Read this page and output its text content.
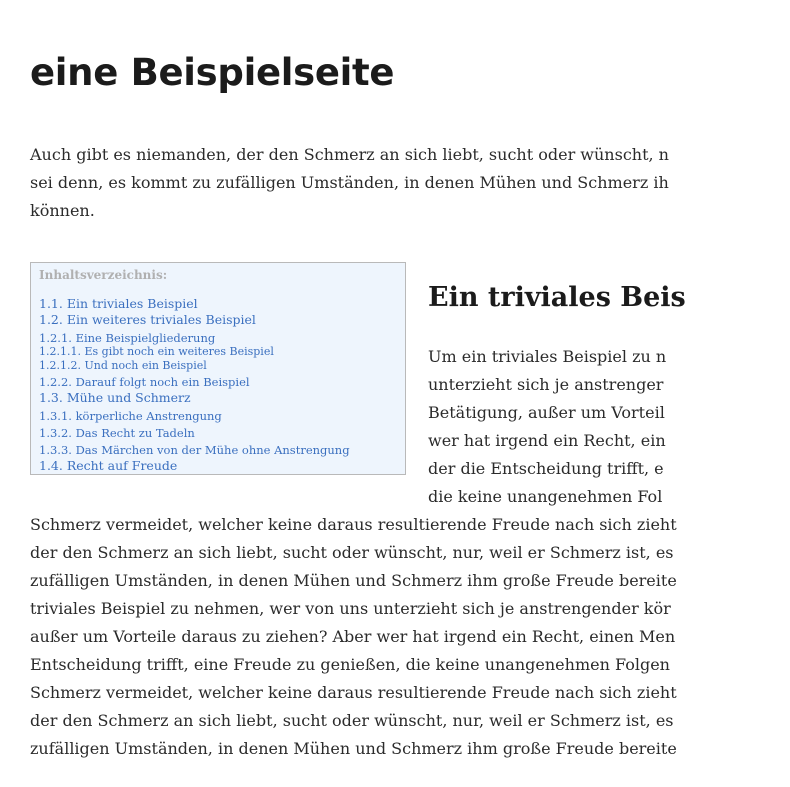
eine Beispielseite

Auch gibt es niemanden, der den Schmerz an sich liebt, sucht oder wünscht, n
sei denn, es kommt zu zufälligen Umständen, in denen Mühen und Schmerz ih
können.

Inhaltsverzeichnis:
1.1. Ein triviales Beispiel
1.2. Ein weiteres triviales Beispiel
1.2.1. Eine Beispielgliederung
1.2.1.1. Es gibt noch ein weiteres Beispiel
1.2.1.2. Und noch ein Beispiel
1.2.2. Darauf folgt noch ein Beispiel
1.3. Mühe und Schmerz
1.3.1. körperliche Anstrengung
1.3.2. Das Recht zu Tadeln
1.3.3. Das Märchen von der Mühe ohne Anstrengung
1.4. Recht auf Freude
Ein triviales Beis

Um ein triviales Beispiel zu n
unterzieht sich je anstrenger
Betätigung, außer um Vorteil
wer hat irgend ein Recht, ein
der die Entscheidung trifft, e
die keine unangenehmen Fol

Schmerz vermeidet, welcher keine daraus resultierende Freude nach sich zieht
der den Schmerz an sich liebt, sucht oder wünscht, nur, weil er Schmerz ist, es
zufälligen Umständen, in denen Mühen und Schmerz ihm große Freude bereite
triviales Beispiel zu nehmen, wer von uns unterzieht sich je anstrengender kör
außer um Vorteile daraus zu ziehen? Aber wer hat irgend ein Recht, einen Men
Entscheidung trifft, eine Freude zu genießen, die keine unangenehmen Folgen
Schmerz vermeidet, welcher keine daraus resultierende Freude nach sich zieht
der den Schmerz an sich liebt, sucht oder wünscht, nur, weil er Schmerz ist, es
zufälligen Umständen, in denen Mühen und Schmerz ihm große Freude bereite
